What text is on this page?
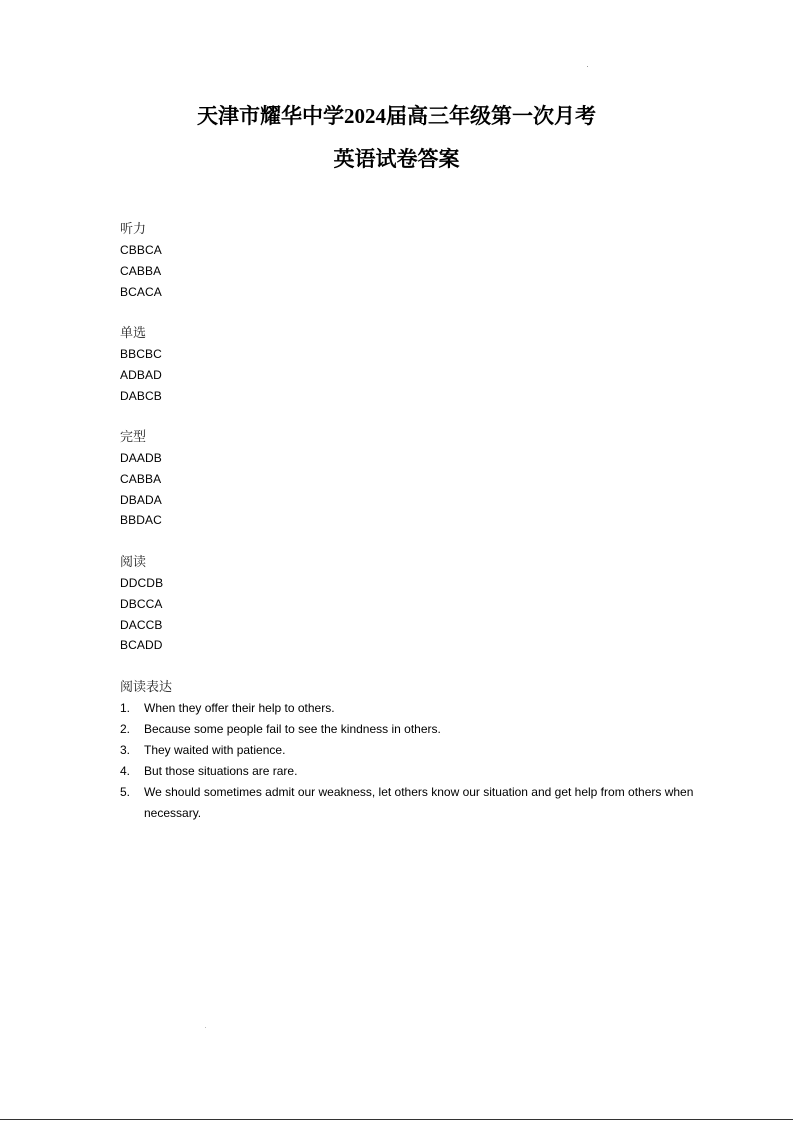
天津市耀华中学2024届高三年级第一次月考
英语试卷答案
听力
CBBCA
CABBA
BCACA
单选
BBCBC
ADBAD
DABCB
完型
DAADB
CABBA
DBADA
BBDAC
阅读
DDCDB
DBCCA
DACCB
BCADD
阅读表达
1. When they offer their help to others.
2. Because some people fail to see the kindness in others.
3. They waited with patience.
4. But those situations are rare.
5. We should sometimes admit our weakness, let others know our situation and get help from others when necessary.
